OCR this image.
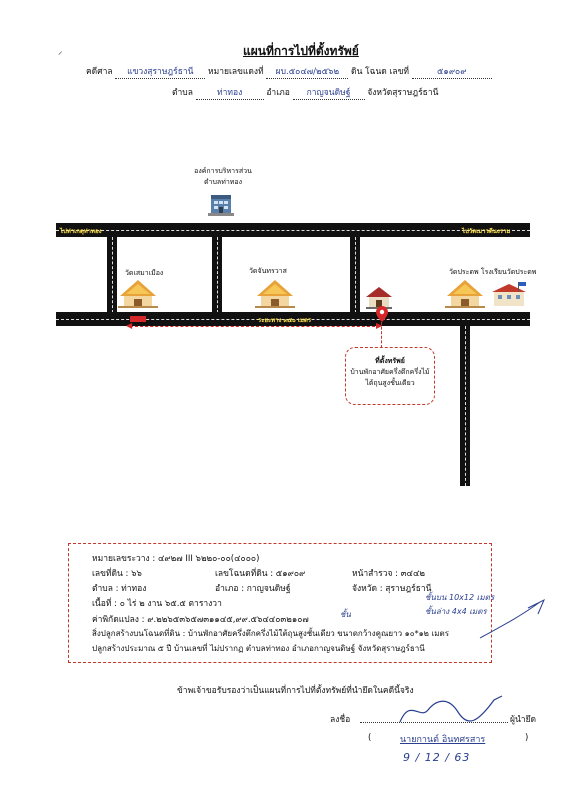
⸝	แผนที่การไปที่ตั้งทรัพย์
คดีศาล แขวงสุราษฎร์ธานี หมายเลขแดงที่ ผบ.๕๐๔๗/๒๕๖๒ ดิน โฉนด เลขที่	๕๑๙๐๙
ตำบล	ท่าทอง	อำเภอ กาญจนดิษฐ์ จังหวัดสุราษฎร์ธานี
องค์การบริหารส่วน
ตำบลท่าทอง
ไปท่าเกตุท่าทอง	ไปวัดเมาวดีนงราม
วัดเสมาเมือง	วัดจันทรวาส	วัดประดพ โรงเรียนวัดประดพ
◀	▶
ระยะทาง ๓๕๐ เมตร
ที่ตั้งทรัพย์
บ้านพักอาศัยครึ่งตึกครึ่งไม้
ไต้ถุนสูงชั้นเดียว
หมายเลขระวาง : ๔๙๒๗ III ๖๒๒๐-๐๐(๔๐๐๐)
เลขที่ดิน : ๖๖	เลขโฉนดที่ดิน : ๕๑๙๐๙	หน้าสำรวจ : ๓๔๔๒
ตำบล : ท่าทอง	อำเภอ : กาญจนดิษฐ์	จังหวัด : สุราษฎร์ธานี
เนื้อที่ : ๐ ไร่ ๒ งาน ๖๕.๕ ตารางวา
ค่าพิกัดแปลง : ๙.๒๒๖๕๓๖๕๗๓๑๑๔๕,๙๙.๕๖๔๔๐๓๒๑๐๗
สิ่งปลูกสร้างบนโฉนดที่ดิน : บ้านพักอาศัยครึ่งตึกครึ่งไม้ใต้ถุนสูงชั้นเดียว ขนาดกว้างคูณยาว ๑๐*๑๒ เมตร
ปลูกสร้างประมาณ ๕ ปี บ้านเลขที่ ไม่ปรากฏ ตำบลท่าทอง อำเภอกาญจนดิษฐ์ จังหวัดสุราษฎร์ธานี
ชั้นบน 10x12 เมตร
ชั้นล่าง 4x4 เมตร
ชั้น
ข้าพเจ้าขอรับรองว่าเป็นแผนที่การไปที่ตั้งทรัพย์ที่นำยึดในคดีนี้จริง
ลงชื่อ	ผู้นำยึด
(	นายกานต์ อินทศรสาร	)
9 / 12 / 63
